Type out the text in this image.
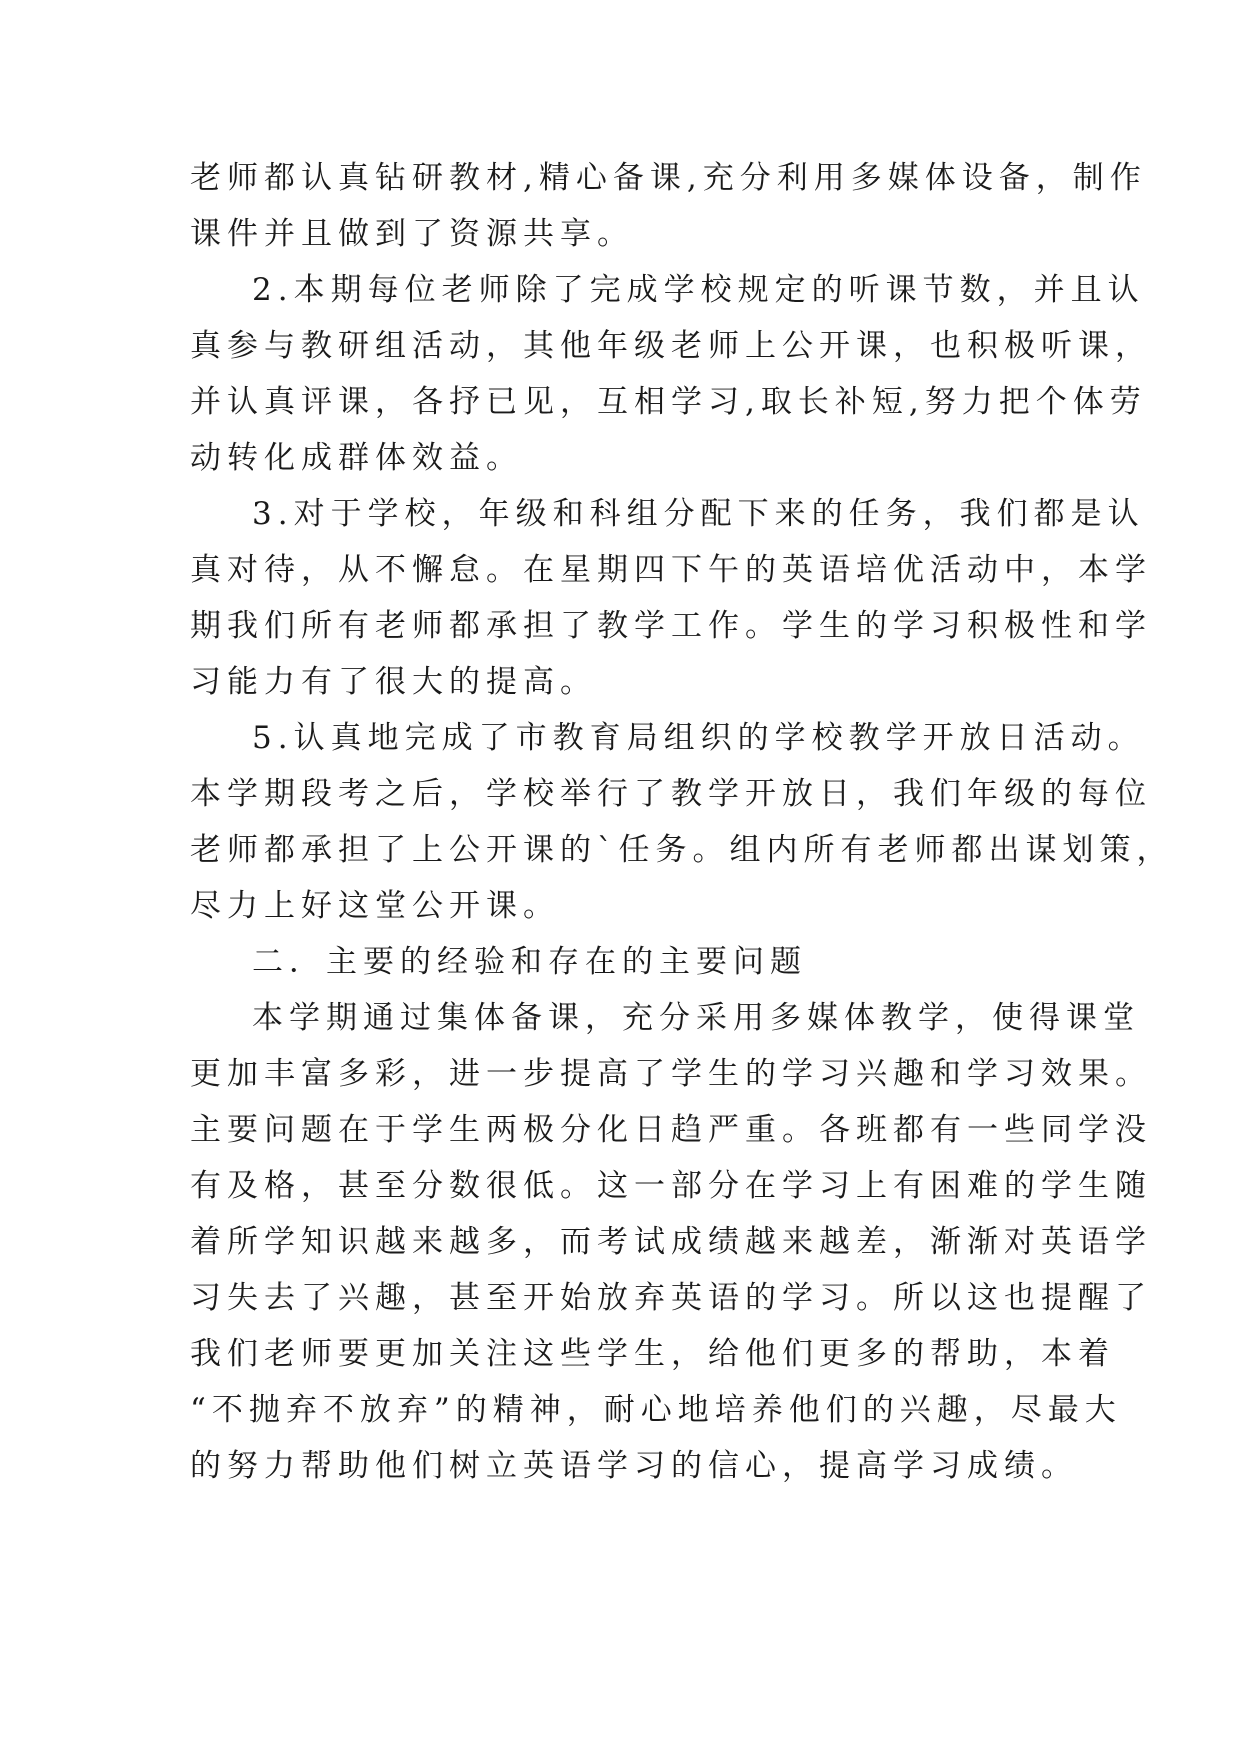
老师都认真钻研教材,精心备课,充分利用多媒体设备，制作
课件并且做到了资源共享。
2.本期每位老师除了完成学校规定的听课节数，并且认
真参与教研组活动，其他年级老师上公开课，也积极听课，
并认真评课，各抒已见，互相学习,取长补短,努力把个体劳
动转化成群体效益。
3.对于学校，年级和科组分配下来的任务，我们都是认
真对待，从不懈怠。在星期四下午的英语培优活动中，本学
期我们所有老师都承担了教学工作。学生的学习积极性和学
习能力有了很大的提高。
5.认真地完成了市教育局组织的学校教学开放日活动。
本学期段考之后，学校举行了教学开放日，我们年级的每位
老师都承担了上公开课的`任务。组内所有老师都出谋划策，
尽力上好这堂公开课。
二．主要的经验和存在的主要问题
本学期通过集体备课，充分采用多媒体教学，使得课堂
更加丰富多彩，进一步提高了学生的学习兴趣和学习效果。
主要问题在于学生两极分化日趋严重。各班都有一些同学没
有及格，甚至分数很低。这一部分在学习上有困难的学生随
着所学知识越来越多，而考试成绩越来越差，渐渐对英语学
习失去了兴趣，甚至开始放弃英语的学习。所以这也提醒了
我们老师要更加关注这些学生，给他们更多的帮助，本着
“不抛弃不放弃”的精神，耐心地培养他们的兴趣，尽最大
的努力帮助他们树立英语学习的信心，提高学习成绩。
